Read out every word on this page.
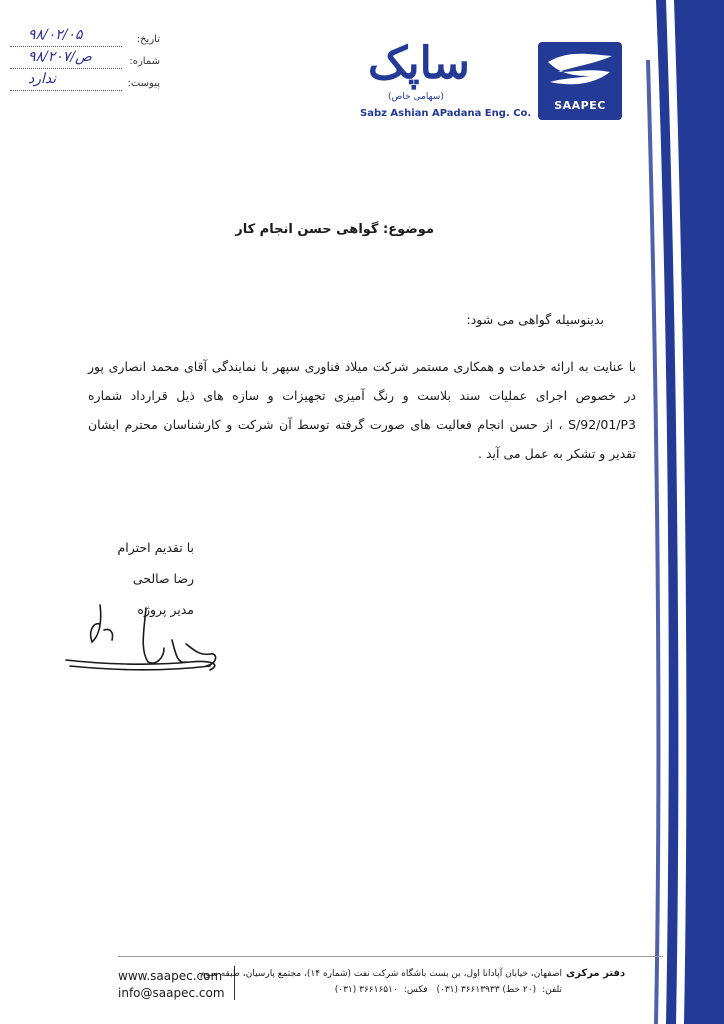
تاریخ:
۹۸/۰۲/۰۵
شماره:
۹۸/ص/۲۰۷
پیوست:
ندارد	ساپک
(سهامی خاص)
Sabz Ashian APadana Eng. Co.
SAAPEC
موضوع: گواهی حسن انجام کار
بدینوسیله گواهی می شود:
با عنایت به ارائه خدمات و همکاری مستمر شرکت میلاد فناوری سپهر با نمایندگی آقای محمد انصاری پور در خصوص اجرای عملیات سند بلاست و رنگ آمیزی تجهیزات و سازه های ذیل قرارداد شماره S/92/01/P3 ، از حسن انجام فعالیت های صورت گرفته توسط آن شرکت و کارشناسان محترم ایشان تقدیر و تشکر به عمل می آید .
با تقدیم احترام
رضا صالحی
مدیر پروژه
www.saapec.com
info@saapec.com
اصفهان، خیابان آپادانا اول، بن بست باشگاه شرکت نفت (شماره ۱۴)، مجتمع پارسیان، طبقه سوم
تلفن:(۲۰ خط) ۳۶۶۱۳۹۳۳ (۰۳۱) فکس:۳۶۶۱۶۵۱۰ (۰۳۱)
دفتر مرکزی
